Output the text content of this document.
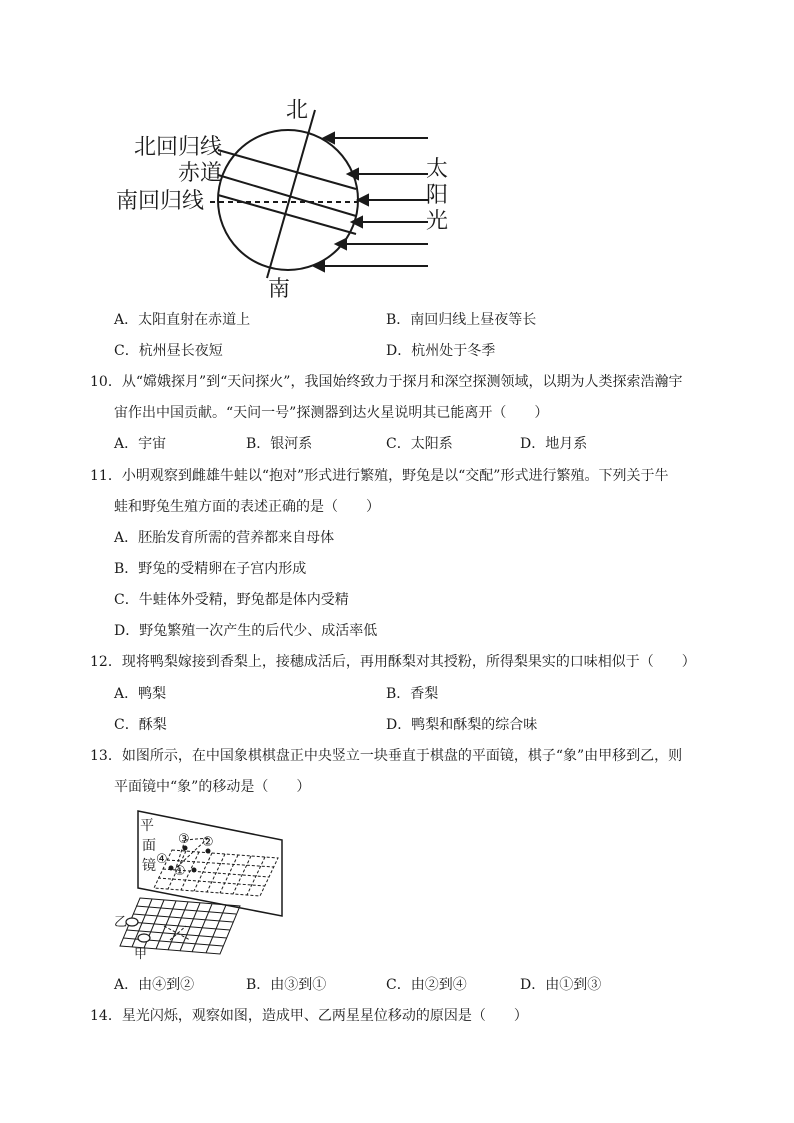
北
南
北回归线
赤道
南回归线
太
阳
光
A．太阳直射在赤道上	B．南回归线上昼夜等长
C．杭州昼长夜短	D．杭州处于冬季
10．从“嫦娥探月”到“天问探火”，我国始终致力于探月和深空探测领域，以期为人类探索浩瀚宇
宙作出中国贡献。“天问一号”探测器到达火星说明其已能离开（　　）
A．宇宙	B．银河系	C．太阳系	D．地月系
11．小明观察到雌雄牛蛙以“抱对”形式进行繁殖，野兔是以“交配”形式进行繁殖。下列关于牛
蛙和野兔生殖方面的表述正确的是（　　）
A．胚胎发育所需的营养都来自母体
B．野兔的受精卵在子宫内形成
C．牛蛙体外受精，野兔都是体内受精
D．野兔繁殖一次产生的后代少、成活率低
12．现将鸭梨嫁接到香梨上，接穗成活后，再用酥梨对其授粉，所得梨果实的口味相似于（　　）
A．鸭梨	B．香梨
C．酥梨	D．鸭梨和酥梨的综合味
13．如图所示，在中国象棋棋盘正中央竖立一块垂直于棋盘的平面镜，棋子“象”由甲移到乙，则
平面镜中“象”的移动是（　　）
平
面
镜
③ ②
④
①
乙
甲
A．由④到②	B．由③到①	C．由②到④	D．由①到③
14．星光闪烁，观察如图，造成甲、乙两星星位移动的原因是（　　）
